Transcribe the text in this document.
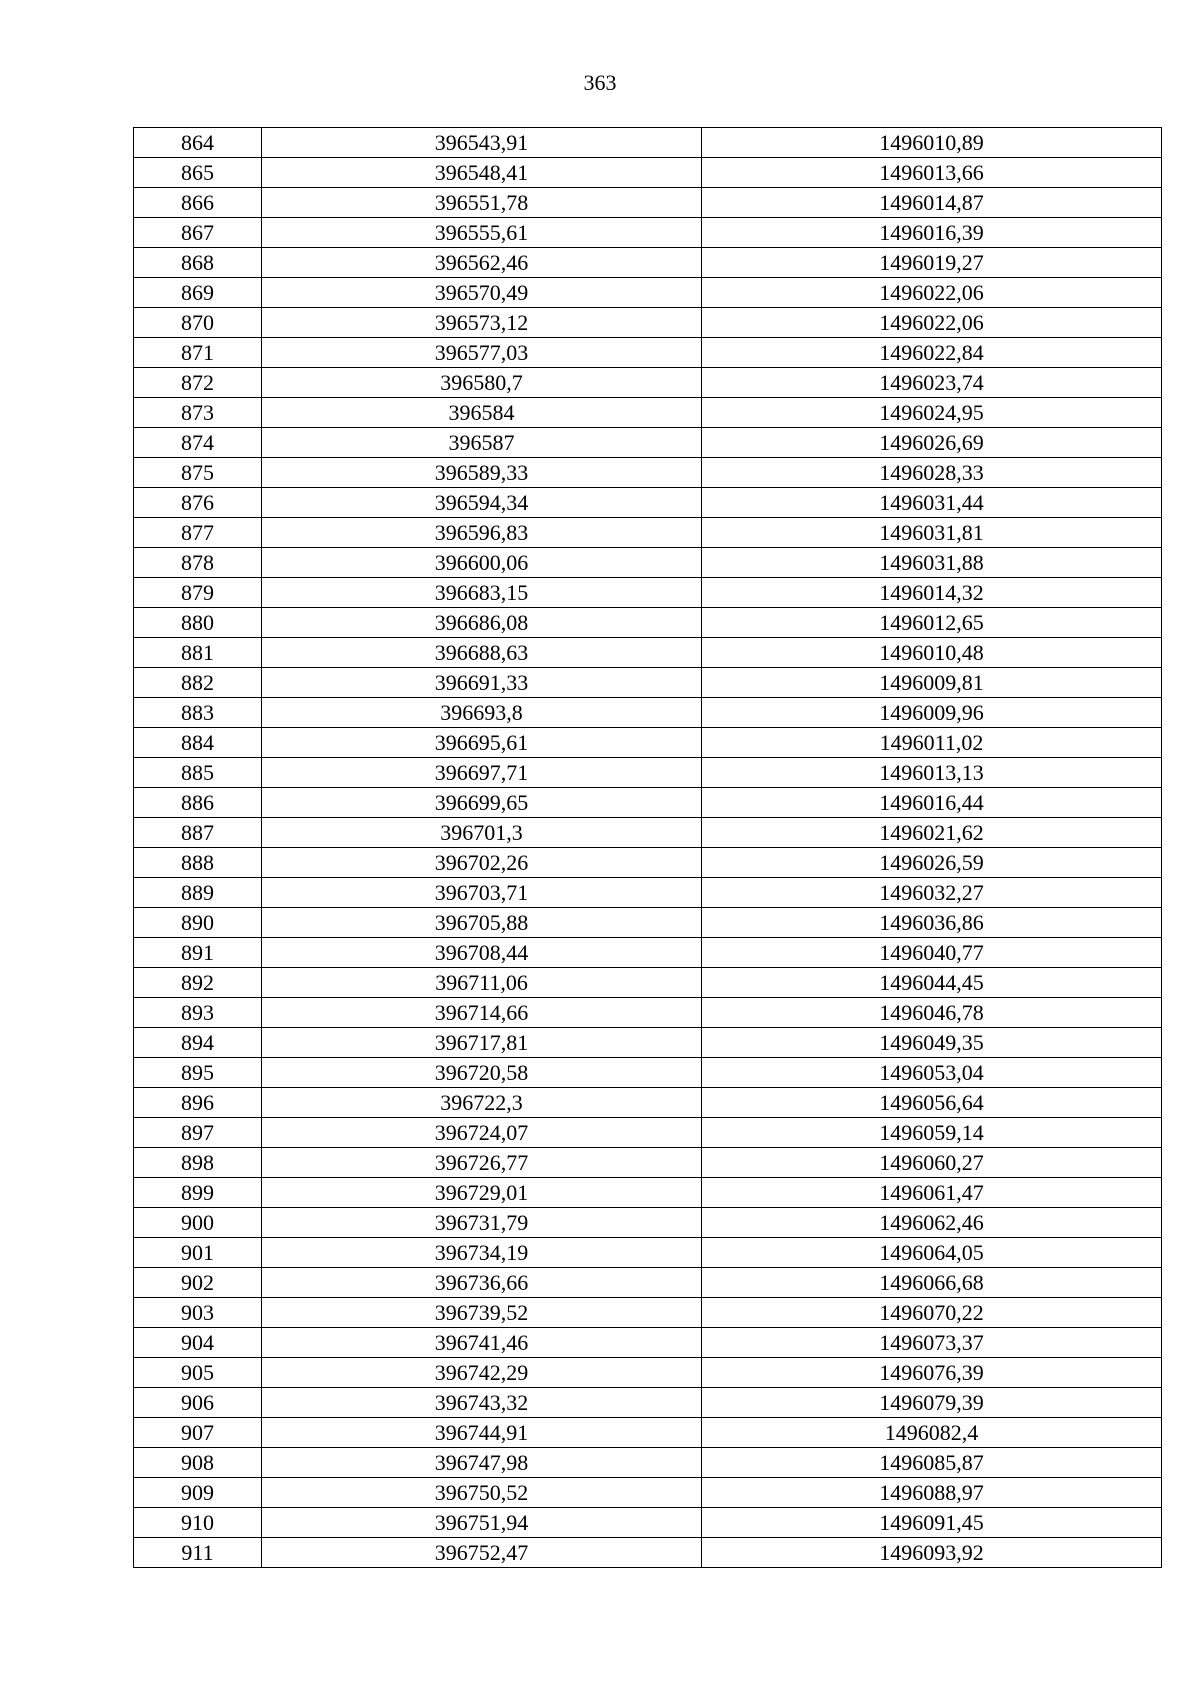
363
864	396543,91	1496010,89
865	396548,41	1496013,66
866	396551,78	1496014,87
867	396555,61	1496016,39
868	396562,46	1496019,27
869	396570,49	1496022,06
870	396573,12	1496022,06
871	396577,03	1496022,84
872	396580,7	1496023,74
873	396584	1496024,95
874	396587	1496026,69
875	396589,33	1496028,33
876	396594,34	1496031,44
877	396596,83	1496031,81
878	396600,06	1496031,88
879	396683,15	1496014,32
880	396686,08	1496012,65
881	396688,63	1496010,48
882	396691,33	1496009,81
883	396693,8	1496009,96
884	396695,61	1496011,02
885	396697,71	1496013,13
886	396699,65	1496016,44
887	396701,3	1496021,62
888	396702,26	1496026,59
889	396703,71	1496032,27
890	396705,88	1496036,86
891	396708,44	1496040,77
892	396711,06	1496044,45
893	396714,66	1496046,78
894	396717,81	1496049,35
895	396720,58	1496053,04
896	396722,3	1496056,64
897	396724,07	1496059,14
898	396726,77	1496060,27
899	396729,01	1496061,47
900	396731,79	1496062,46
901	396734,19	1496064,05
902	396736,66	1496066,68
903	396739,52	1496070,22
904	396741,46	1496073,37
905	396742,29	1496076,39
906	396743,32	1496079,39
907	396744,91	1496082,4
908	396747,98	1496085,87
909	396750,52	1496088,97
910	396751,94	1496091,45
911	396752,47	1496093,92
